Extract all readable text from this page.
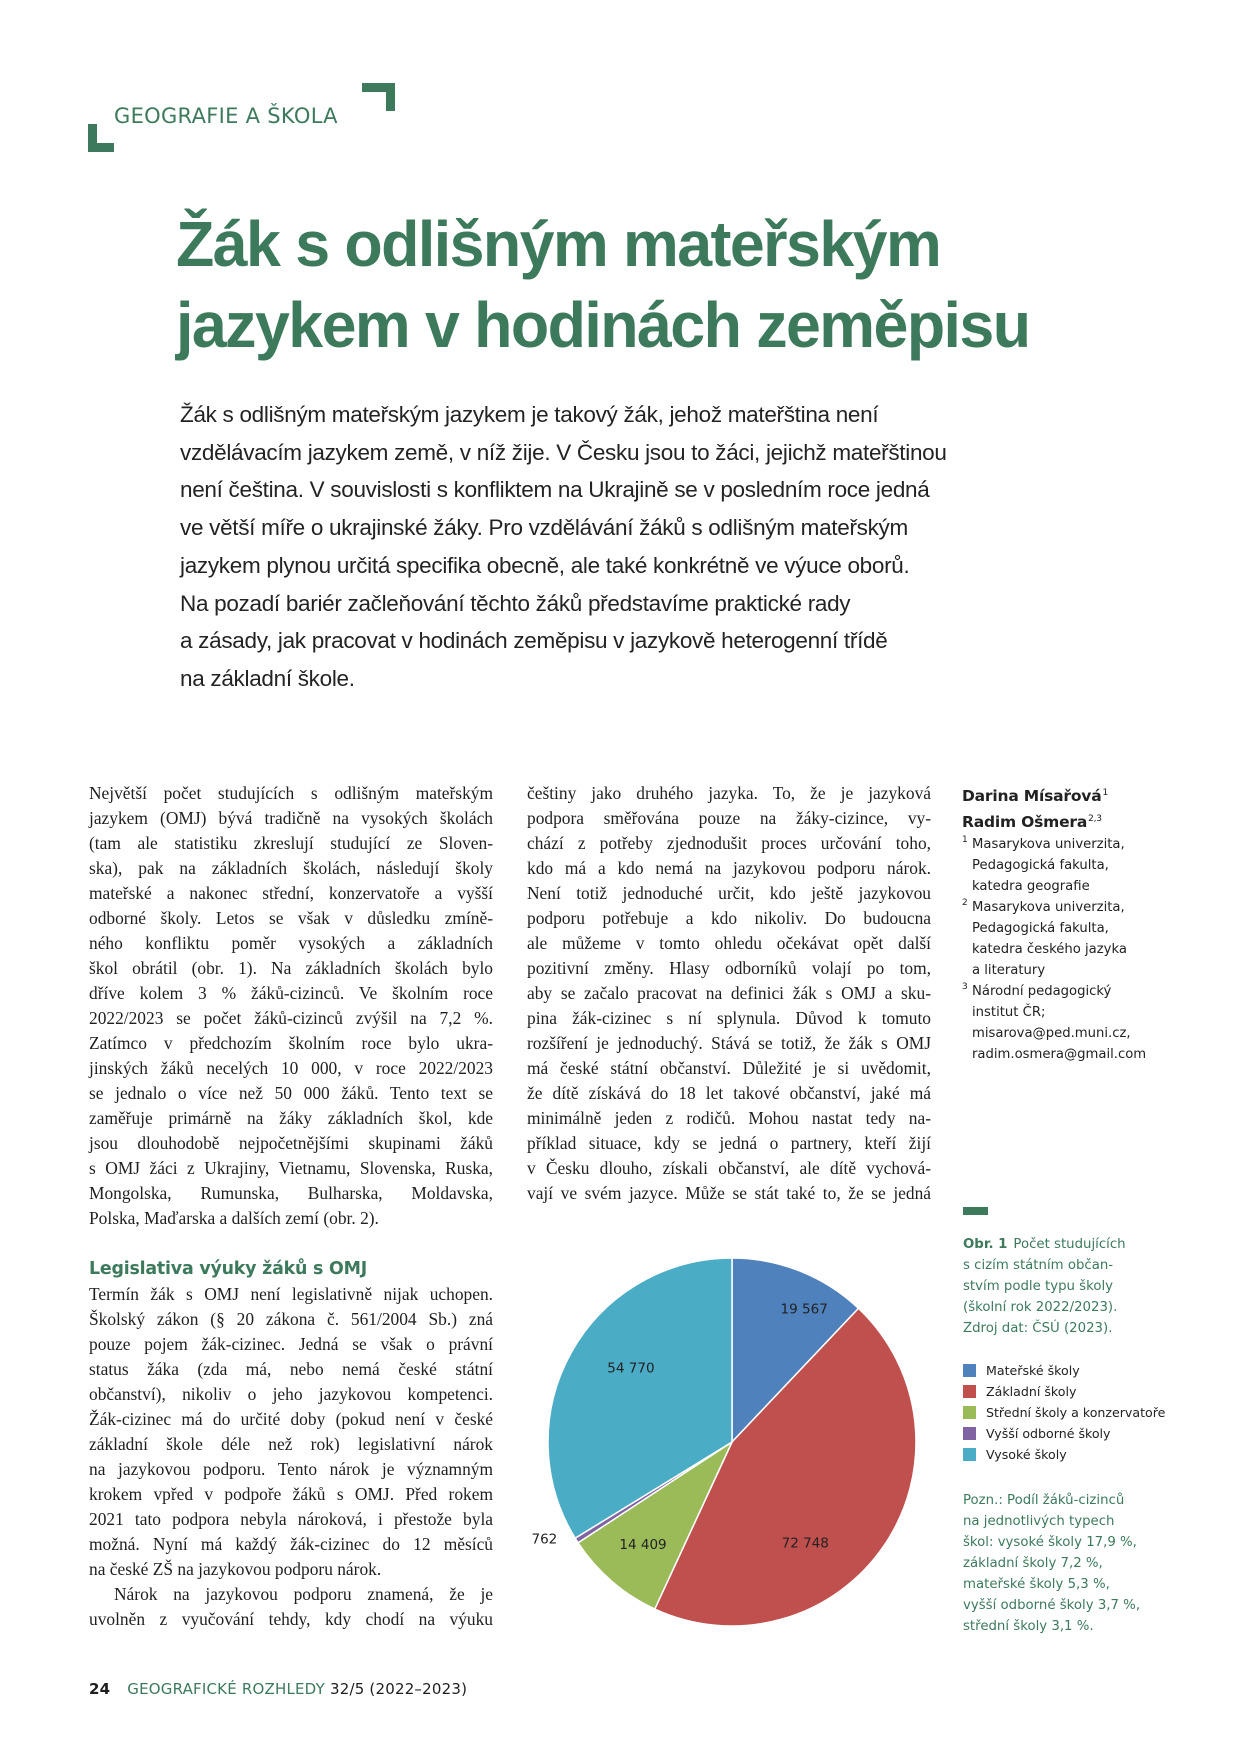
GEOGRAFIE A ŠKOLA
Žák s odlišným mateřským
jazykem v hodinách zeměpisu
Žák s odlišným mateřským jazykem je takový žák, jehož mateřština není
vzdělávacím jazykem země, v níž žije. V Česku jsou to žáci, jejichž mateřštinou
není čeština. V souvislosti s konfliktem na Ukrajině se v posledním roce jedná
ve větší míře o ukrajinské žáky. Pro vzdělávání žáků s odlišným mateřským
jazykem plynou určitá specifika obecně, ale také konkrétně ve výuce oborů.
Na pozadí bariér začleňování těchto žáků představíme praktické rady
a zásady, jak pracovat v hodinách zeměpisu v jazykově heterogenní třídě
na základní škole.

Největší počet studujících s odlišným mateřským
jazykem (OMJ) bývá tradičně na vysokých školách
(tam ale statistiku zkreslují studující ze Sloven-
ska), pak na základních školách, následují školy
mateřské a nakonec střední, konzervatoře a vyšší
odborné školy. Letos se však v důsledku zmíně-
ného konfliktu poměr vysokých a základních
škol obrátil (obr. 1). Na základních školách bylo
dříve kolem 3 % žáků-cizinců. Ve školním roce
2022/2023 se počet žáků-cizinců zvýšil na 7,2 %.
Zatímco v předchozím školním roce bylo ukra-
jinských žáků necelých 10 000, v roce 2022/2023
se jednalo o více než 50 000 žáků. Tento text se
zaměřuje primárně na žáky základních škol, kde
jsou dlouhodobě nejpočetnějšími skupinami žáků
s OMJ žáci z Ukrajiny, Vietnamu, Slovenska, Ruska,
Mongolska, Rumunska, Bulharska, Moldavska,
Polska, Maďarska a dalších zemí (obr. 2).

Legislativa výuky žáků s OMJ

Termín žák s OMJ není legislativně nijak uchopen.
Školský zákon (§ 20 zákona č. 561/2004 Sb.) zná
pouze pojem žák-cizinec. Jedná se však o právní
status žáka (zda má, nebo nemá české státní
občanství), nikoliv o jeho jazykovou kompetenci.
Žák-cizinec má do určité doby (pokud není v české
základní škole déle než rok) legislativní nárok
na jazykovou podporu. Tento nárok je významným
krokem vpřed v podpoře žáků s OMJ. Před rokem
2021 tato podpora nebyla nároková, i přestože byla
možná. Nyní má každý žák-cizinec do 12 měsíců
na české ZŠ na jazykovou podporu nárok.

Nárok na jazykovou podporu znamená, že je
uvolněn z vyučování tehdy, kdy chodí na výuku

češtiny jako druhého jazyka. To, že je jazyková
podpora směřována pouze na žáky-cizince, vy-
chází z potřeby zjednodušit proces určování toho,
kdo má a kdo nemá na jazykovou podporu nárok.
Není totiž jednoduché určit, kdo ještě jazykovou
podporu potřebuje a kdo nikoliv. Do budoucna
ale můžeme v tomto ohledu očekávat opět další
pozitivní změny. Hlasy odborníků volají po tom,
aby se začalo pracovat na definici žák s OMJ a sku-
pina žák-cizinec s ní splynula. Důvod k tomuto
rozšíření je jednoduchý. Stává se totiž, že žák s OMJ
má české státní občanství. Důležité je si uvědomit,
že dítě získává do 18 let takové občanství, jaké má
minimálně jeden z rodičů. Mohou nastat tedy na-
příklad situace, kdy se jedná o partnery, kteří žijí
v Česku dlouho, získali občanství, ale dítě vychová-
vají ve svém jazyce. Může se stát také to, že se jedná

Darina Mísařová$^1$
Radim Ošmera$^{2,3}$
1 Masarykova univerzita,
Pedagogická fakulta,
katedra geografie
2 Masarykova univerzita,
Pedagogická fakulta,
katedra českého jazyka
a literatury
3 Národní pedagogický
institut ČR;
misarova@ped.muni.cz,
radim.osmera@gmail.com
Obr. 1 Počet studujících
s cizím státním občan-
stvím podle typu školy
(školní rok 2022/2023).
Zdroj dat: ČSÚ (2023).
Mateřské školy
Základní školy
Střední školy a konzervatoře
Vyšší odborné školy
Vysoké školy
Pozn.: Podíl žáků-cizinců
na jednotlivých typech
škol: vysoké školy 17,9 %,
základní školy 7,2 %,
mateřské školy 5,3 %,
vyšší odborné školy 3,7 %,
střední školy 3,1 %.
19 567
72 748
14 409
762
54 770
24 GEOGRAFICKÉ ROZHLEDY 32/5 (2022–2023)
